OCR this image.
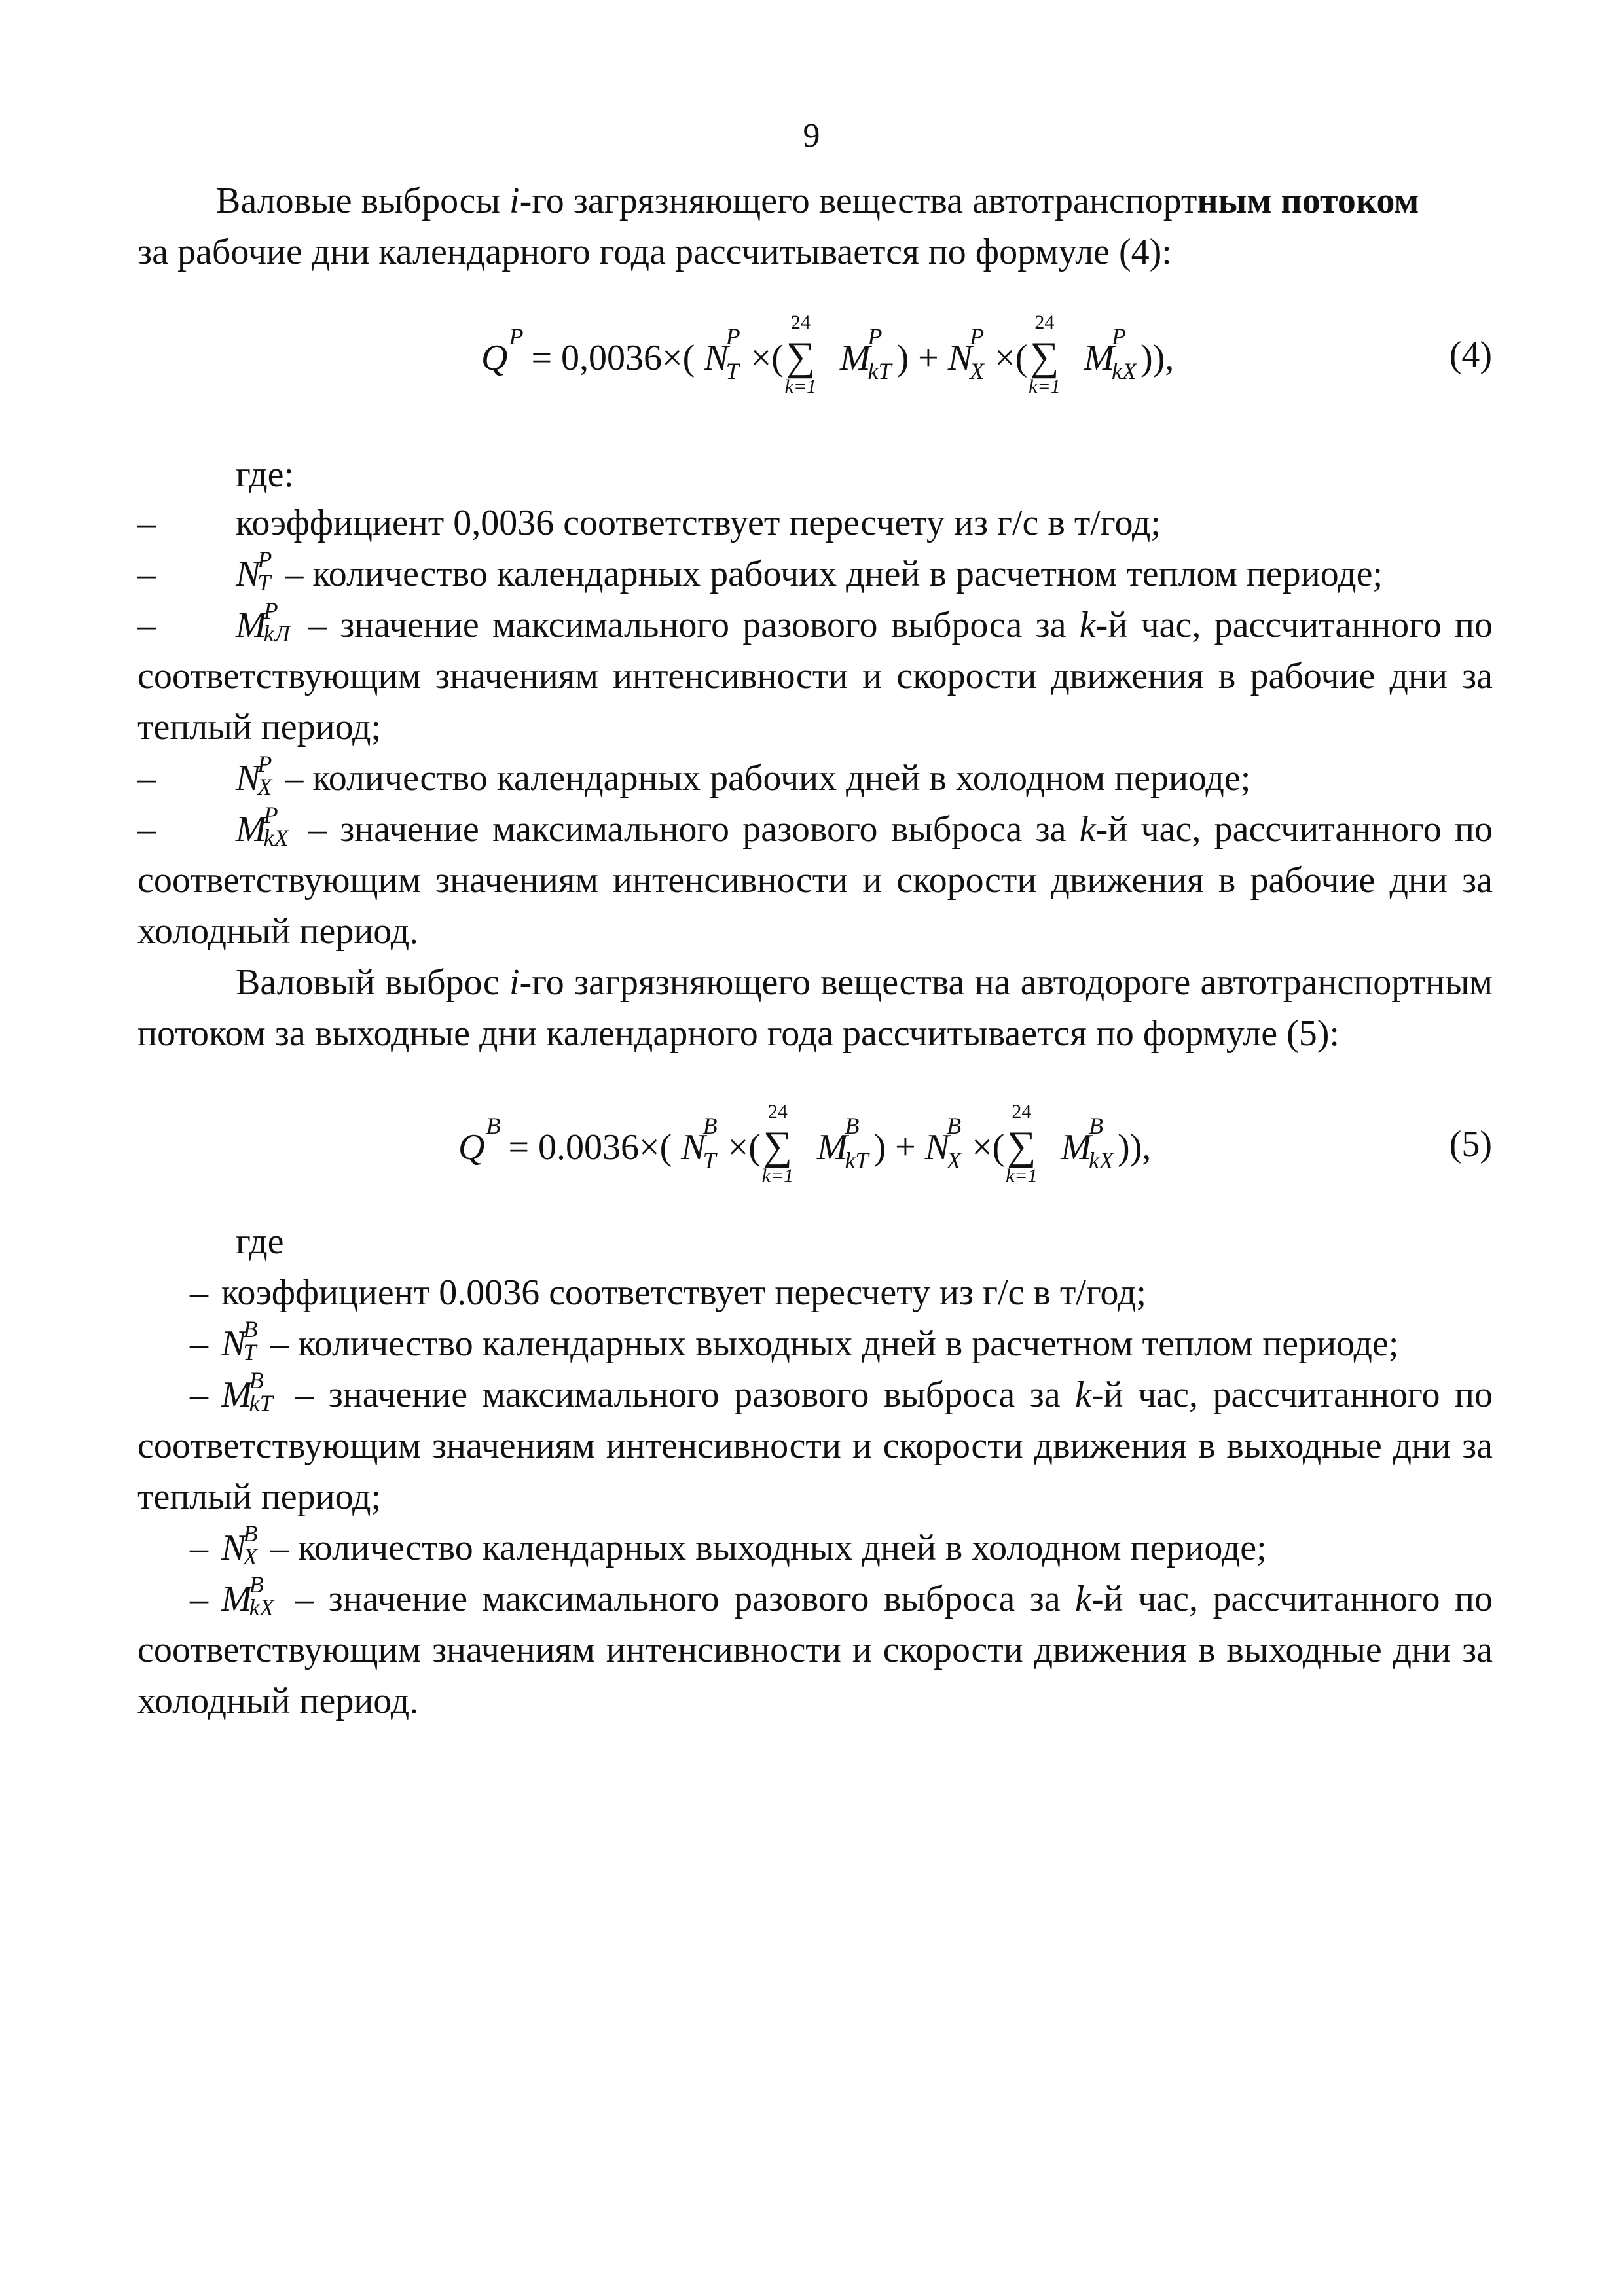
9
Валовые выбросы i-го загрязняющего вещества автотранспортным потоком
за рабочие дни календарного года рассчитывается по формуле (4):
Q
P
= 0,0036×( N
P
T ×(
24
∑
k=1
M
P
kТ ) + N
P
X ×(
24
∑
k=1
M
P
kХ )),	(4)
где:
– коэффициент 0,0036 соответствует пересчету из г/с в т/год;
– N
P
T – количество календарных рабочих дней в расчетном теплом периоде;
– M
P
kЛ – значение максимального разового выброса за k-й час, рассчитанного по соответствующим значениям интенсивности и скорости движения в рабочие дни за теплый период;
– N
P
X – количество календарных рабочих дней в холодном периоде;
– M
P
kХ – значение максимального разового выброса за k-й час, рассчитанного по соответствующим значениям интенсивности и скорости движения в рабочие дни за холодный период.
Валовый выброс i-го загрязняющего вещества на автодороге автотранспортным потоком за выходные дни календарного года рассчитывается по формуле (5):
Q
B
= 0.0036×( N
B
T ×(
24
∑
k=1
M
B
kТ ) + N
B
X ×(
24
∑
k=1
M
B
kХ )),	(5)
где
– коэффициент 0.0036 соответствует пересчету из г/с в т/год;
– N
B
T – количество календарных выходных дней в расчетном теплом периоде;
– M
B
kТ – значение максимального разового выброса за k-й час, рассчитанного по соответствующим значениям интенсивности и скорости движения в выходные дни за теплый период;
– N
B
X – количество календарных выходных дней в холодном периоде;
– M
B
kХ – значение максимального разового выброса за k-й час, рассчитанного по соответствующим значениям интенсивности и скорости движения в выходные дни за холодный период.
